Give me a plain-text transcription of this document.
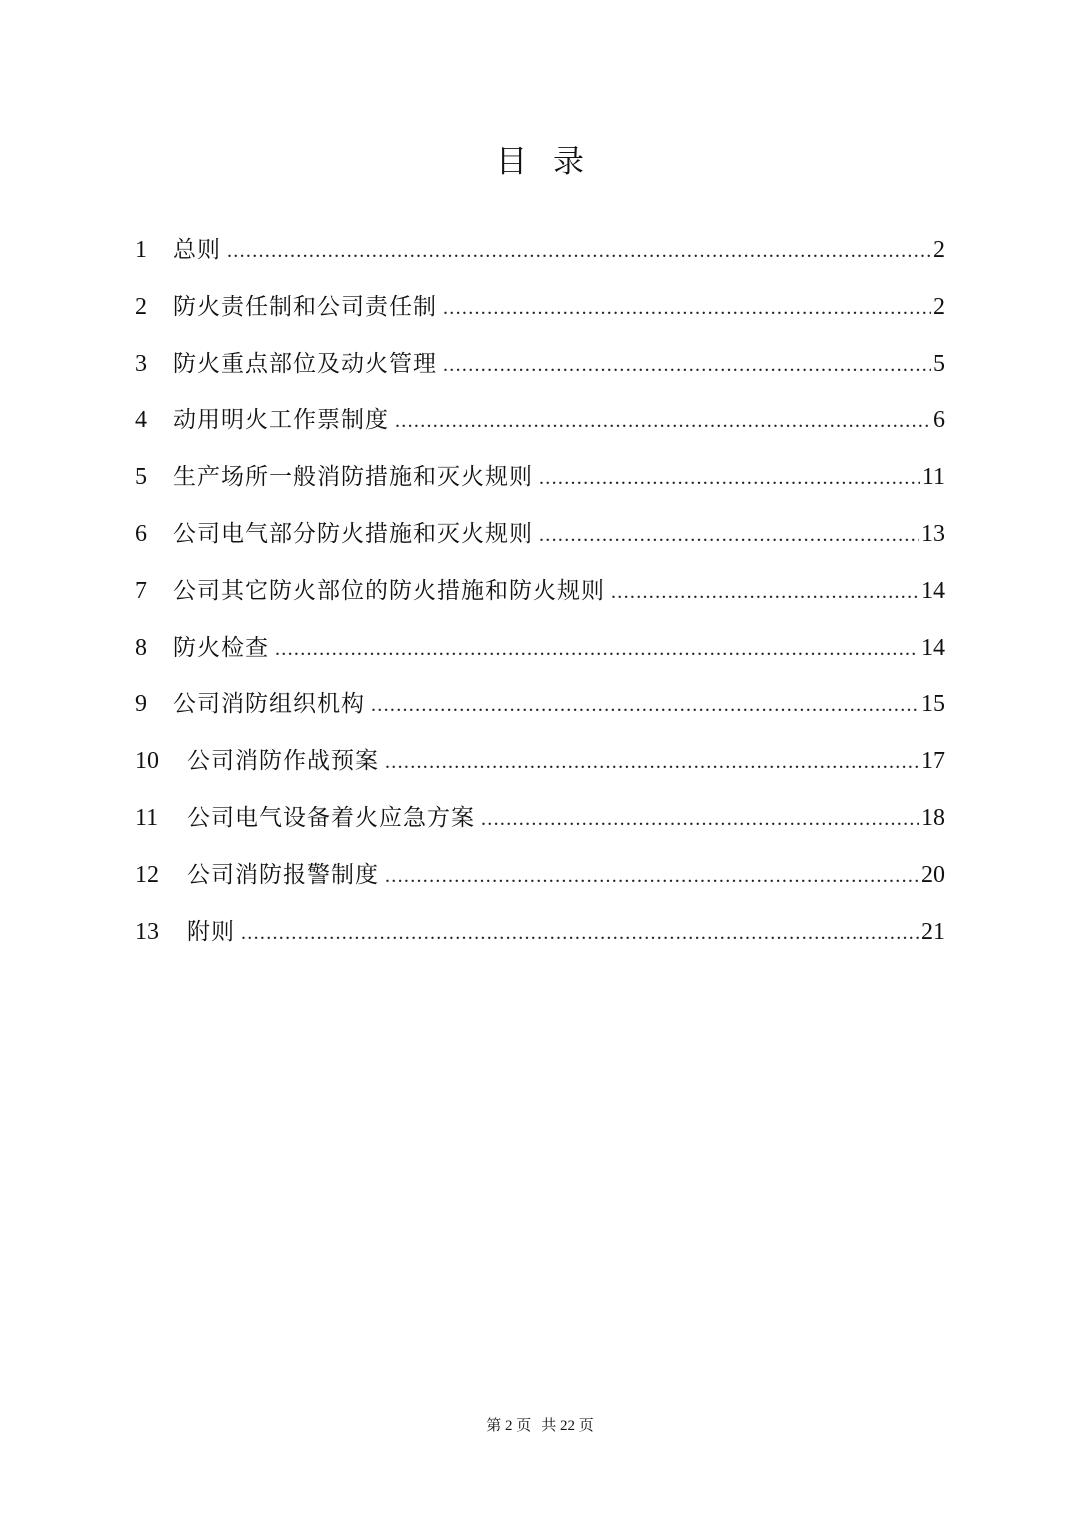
目 录
1	总则 .....	2
2	防火责任制和公司责任制 .....	2
3	防火重点部位及动火管理 .....	5
4	动用明火工作票制度 .....	6
5	生产场所一般消防措施和灭火规则 .....	11
6	公司电气部分防火措施和灭火规则 .....	13
7	公司其它防火部位的防火措施和防火规则 .....	14
8	防火检查 .....	14
9	公司消防组织机构 .....	15
10	公司消防作战预案 .....	17
11	公司电气设备着火应急方案 .....	18
12	公司消防报警制度 .....	20
13	附则 .....	21
第 2 页 共 22 页
